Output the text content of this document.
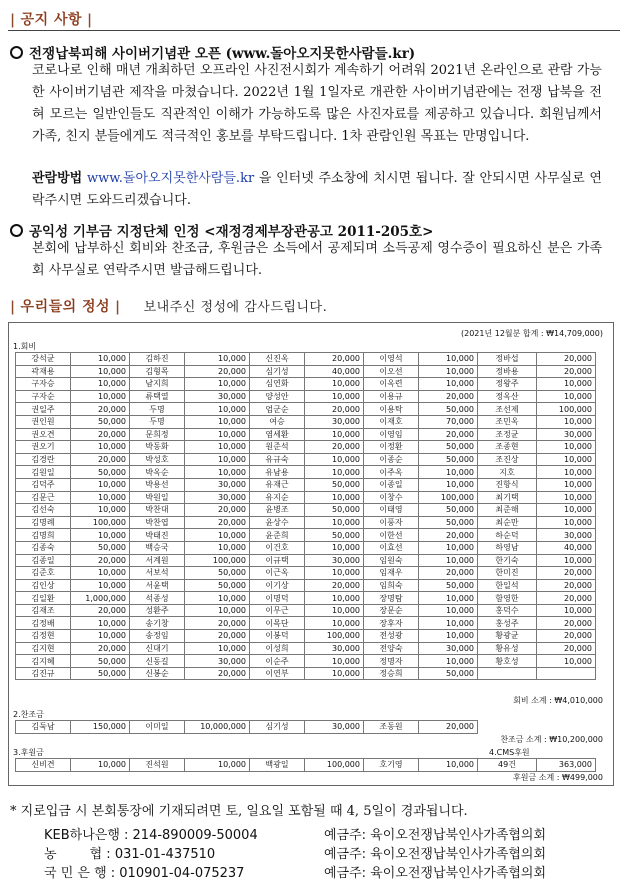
| 공지 사항 |
전쟁납북피해 사이버기념관 오픈 (www.돌아오지못한사람들.kr)
코로나로 인해 매년 개최하던 오프라인 사진전시회가 계속하기 어려워 2021년 온라인으로 관람 가능한 사이버기념관 제작을 마쳤습니다. 2022년 1월 1일자로 개관한 사이버기념관에는 전쟁 납북을 전혀 모르는 일반인들도 직관적인 이해가 가능하도록 많은 사진자료를 제공하고 있습니다. 회원님께서 가족, 친지 분들에게도 적극적인 홍보를 부탁드립니다. 1차 관람인원 목표는 만명입니다.
관람방법 www.돌아오지못한사람들.kr 을 인터넷 주소창에 치시면 됩니다. 잘 안되시면 사무실로 연락주시면 도와드리겠습니다.
공익성 기부금 지정단체 인정 <재정경제부장관공고 2011-205호>
본회에 납부하신 회비와 찬조금, 후원금은 소득에서 공제되며 소득공제 영수증이 필요하신 분은 가족회 사무실로 연락주시면 발급해드립니다.
| 우리들의 정성 | 보내주신 정성에 감사드립니다.
(2021년 12월분 합계 : ₩14,709,000)
1.회비
강석균	10,000	김하진	10,000	신진옥	20,000	이영석	10,000	정바섭	20,000
곽재용	10,000	김형목	20,000	심기성	40,000	이오선	10,000	정바용	20,000
구자승	10,000	남지희	10,000	심연화	10,000	이옥련	10,000	정왕주	10,000
구자순	10,000	류택열	30,000	양성안	10,000	이용규	20,000	정옥산	10,000
권일주	20,000	두명	10,000	엄군순	20,000	이용탁	50,000	조선제	100,000
권인원	50,000	두명	10,000	여승	30,000	이재호	70,000	조민옥	10,000
권오견	20,000	문희정	10,000	염세환	10,000	이영임	20,000	조정균	30,000
권오기	10,000	박동화	10,000	원준석	20,000	이정환	50,000	조종현	10,000
김경란	20,000	박성호	10,000	유규숙	10,000	이종순	50,000	조진상	10,000
김원일	50,000	박옥순	10,000	유남용	10,000	이주옥	10,000	지호	10,000
김덕주	10,000	박용선	30,000	유재근	50,000	이종일	10,000	진항식	10,000
김문근	10,000	박원일	30,000	유지순	10,000	이창수	100,000	최기택	10,000
김선숙	10,000	박찬대	20,000	윤병조	50,000	이태영	50,000	최준해	10,000
김명례	100,000	박찬엽	20,000	윤상수	10,000	이풍자	50,000	최순만	10,000
김명희	10,000	박태진	10,000	윤준희	50,000	이한선	20,000	하순덕	30,000
김종숙	50,000	백승국	10,000	이건호	10,000	이효선	10,000	하영남	40,000
김종일	20,000	서계원	100,000	이규택	30,000	임원숙	10,000	한기숙	10,000
김준호	10,000	서보석	50,000	이근옥	10,000	임재우	20,000	한미진	20,000
김인상	10,000	서윤택	50,000	이기상	20,000	임희숙	50,000	한일석	20,000
김일환	1,000,000	석종성	10,000	이명덕	10,000	장명탐	10,000	함영한	20,000
김재조	20,000	성환주	10,000	이무근	10,000	장문순	10,000	홍덕수	10,000
김정배	10,000	송기창	20,000	이목단	10,000	장후자	10,000	홍성주	20,000
김정현	10,000	송정임	20,000	이봉덕	100,000	전성광	10,000	황광균	20,000
김지현	20,000	신대기	10,000	이성희	30,000	전양숙	30,000	황유성	20,000
김지혜	50,000	신동길	30,000	이순주	10,000	정명자	10,000	황호성	10,000
김진규	50,000	신봉순	20,000	이연부	10,000	정승희	50,000		
회비 소계 : ₩4,010,000
2.찬조금
김둑남	150,000	이미일	10,000,000	심기성	30,000	조동원	20,000
찬조금 소계 : ₩10,200,000
3.후원금	4.CMS후원
신비견	10,000	진석원	10,000	백광일	100,000	호기영	10,000	49건	363,000
후원금 소계 : ₩499,000
* 지로입금 시 본회통장에 기재되려면 토, 일요일 포함될 때 4, 5일이 경과됩니다.
KEB하나은행 : 214-890009-50004	예금주: 육이오전쟁납북인사가족협의회
농        협 : 031-01-437510	예금주: 육이오전쟁납북인사가족협의회
국 민 은 행 : 010901-04-075237	예금주: 육이오전쟁납북인사가족협의회
